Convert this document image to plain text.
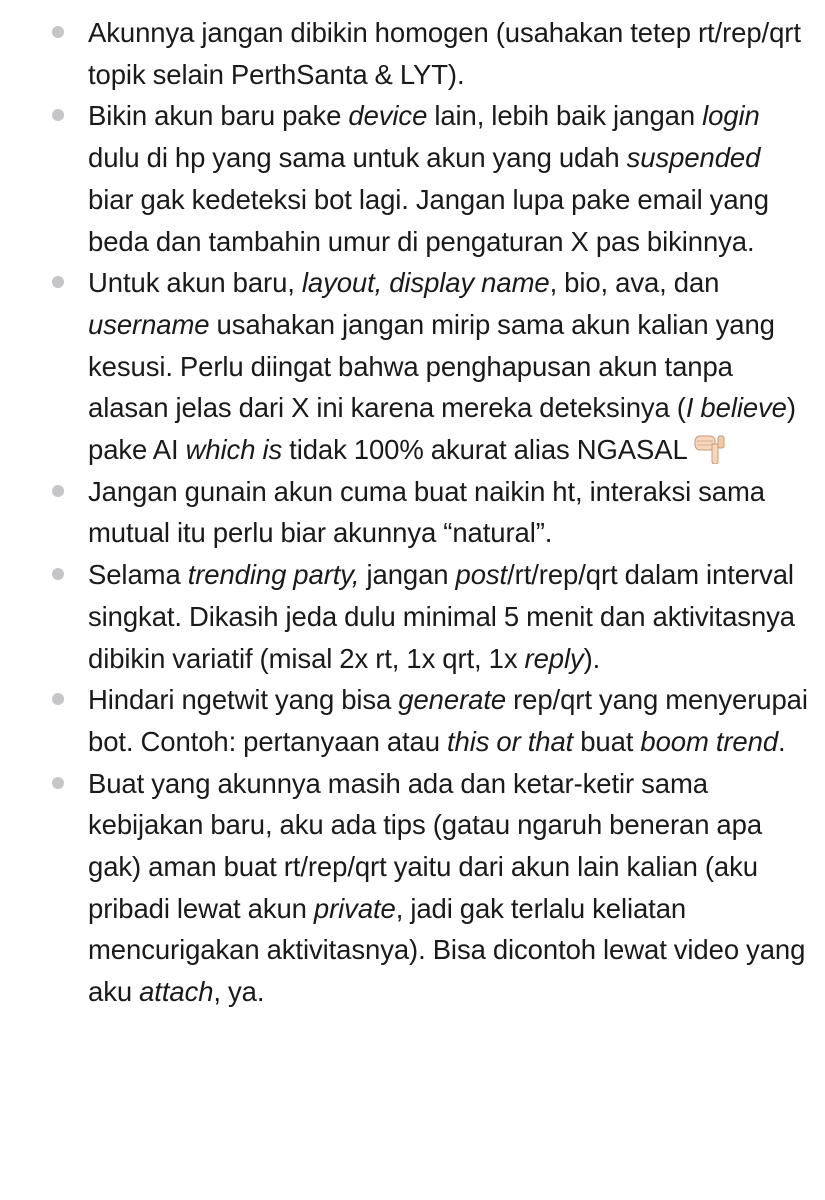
Akunnya jangan dibikin homogen (usahakan tetep rt/rep/qrt topik selain PerthSanta & LYT).
Bikin akun baru pake device lain, lebih baik jangan login dulu di hp yang sama untuk akun yang udah suspended biar gak kedeteksi bot lagi. Jangan lupa pake email yang beda dan tambahin umur di pengaturan X pas bikinnya.
Untuk akun baru, layout, display name, bio, ava, dan username usahakan jangan mirip sama akun kalian yang kesusi. Perlu diingat bahwa penghapusan akun tanpa alasan jelas dari X ini karena mereka deteksinya (I believe) pake AI which is tidak 100% akurat alias NGASAL
Jangan gunain akun cuma buat naikin ht, interaksi sama mutual itu perlu biar akunnya “natural”.
Selama trending party, jangan post/rt/rep/qrt dalam interval singkat. Dikasih jeda dulu minimal 5 menit dan aktivitasnya dibikin variatif (misal 2x rt, 1x qrt, 1x reply).
Hindari ngetwit yang bisa generate rep/qrt yang menyerupai bot. Contoh: pertanyaan atau this or that buat boom trend.
Buat yang akunnya masih ada dan ketar-ketir sama kebijakan baru, aku ada tips (gatau ngaruh beneran apa gak) aman buat rt/rep/qrt yaitu dari akun lain kalian (aku pribadi lewat akun private, jadi gak terlalu keliatan mencurigakan aktivitasnya). Bisa dicontoh lewat video yang aku attach, ya.
